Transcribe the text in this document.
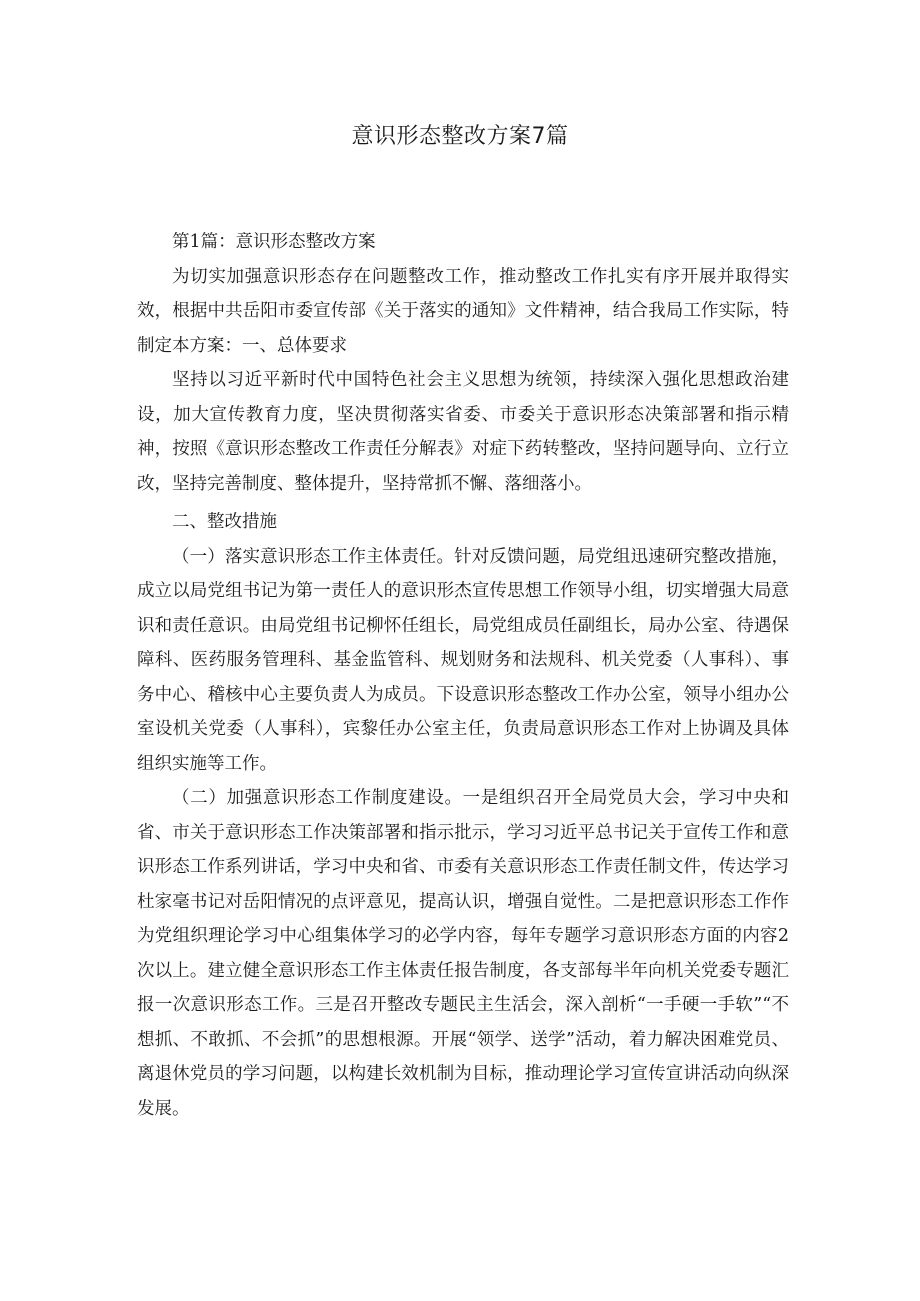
意识形态整改方案7篇

第1篇：意识形态整改方案

为切实加强意识形态存在问题整改工作，推动整改工作扎实有序开展并取得实效，根据中共岳阳市委宣传部《关于落实的通知》文件精神，结合我局工作实际，特制定本方案：一、总体要求

坚持以习近平新时代中国特色社会主义思想为统领，持续深入强化思想政治建设，加大宣传教育力度，坚决贯彻落实省委、市委关于意识形态决策部署和指示精神，按照《意识形态整改工作责任分解表》对症下药转整改，坚持问题导向、立行立改，坚持完善制度、整体提升，坚持常抓不懈、落细落小。

二、整改措施

（一）落实意识形态工作主体责任。针对反馈问题，局党组迅速研究整改措施，成立以局党组书记为第一责任人的意识形杰宣传思想工作领导小组，切实增强大局意识和责任意识。由局党组书记柳怀任组长，局党组成员任副组长，局办公室、待遇保障科、医药服务管理科、基金监管科、规划财务和法规科、机关党委（人事科）、事务中心、稽核中心主要负责人为成员。下设意识形态整改工作办公室，领导小组办公室设机关党委（人事科），宾黎任办公室主任，负责局意识形态工作对上协调及具体组织实施等工作。

（二）加强意识形态工作制度建设。一是组织召开全局党员大会，学习中央和省、市关于意识形态工作决策部署和指示批示，学习习近平总书记关于宣传工作和意识形态工作系列讲话，学习中央和省、市委有关意识形态工作责任制文件，传达学习杜家毫书记对岳阳情况的点评意见，提高认识，增强自觉性。二是把意识形态工作作为党组织理论学习中心组集体学习的必学内容，每年专题学习意识形态方面的内容2次以上。建立健全意识形态工作主体责任报告制度，各支部每半年向机关党委专题汇报一次意识形态工作。三是召开整改专题民主生活会，深入剖析“一手硬一手软”“不想抓、不敢抓、不会抓”的思想根源。开展“领学、送学”活动，着力解决困难党员、离退休党员的学习问题，以构建长效机制为目标，推动理论学习宣传宣讲活动向纵深发展。
